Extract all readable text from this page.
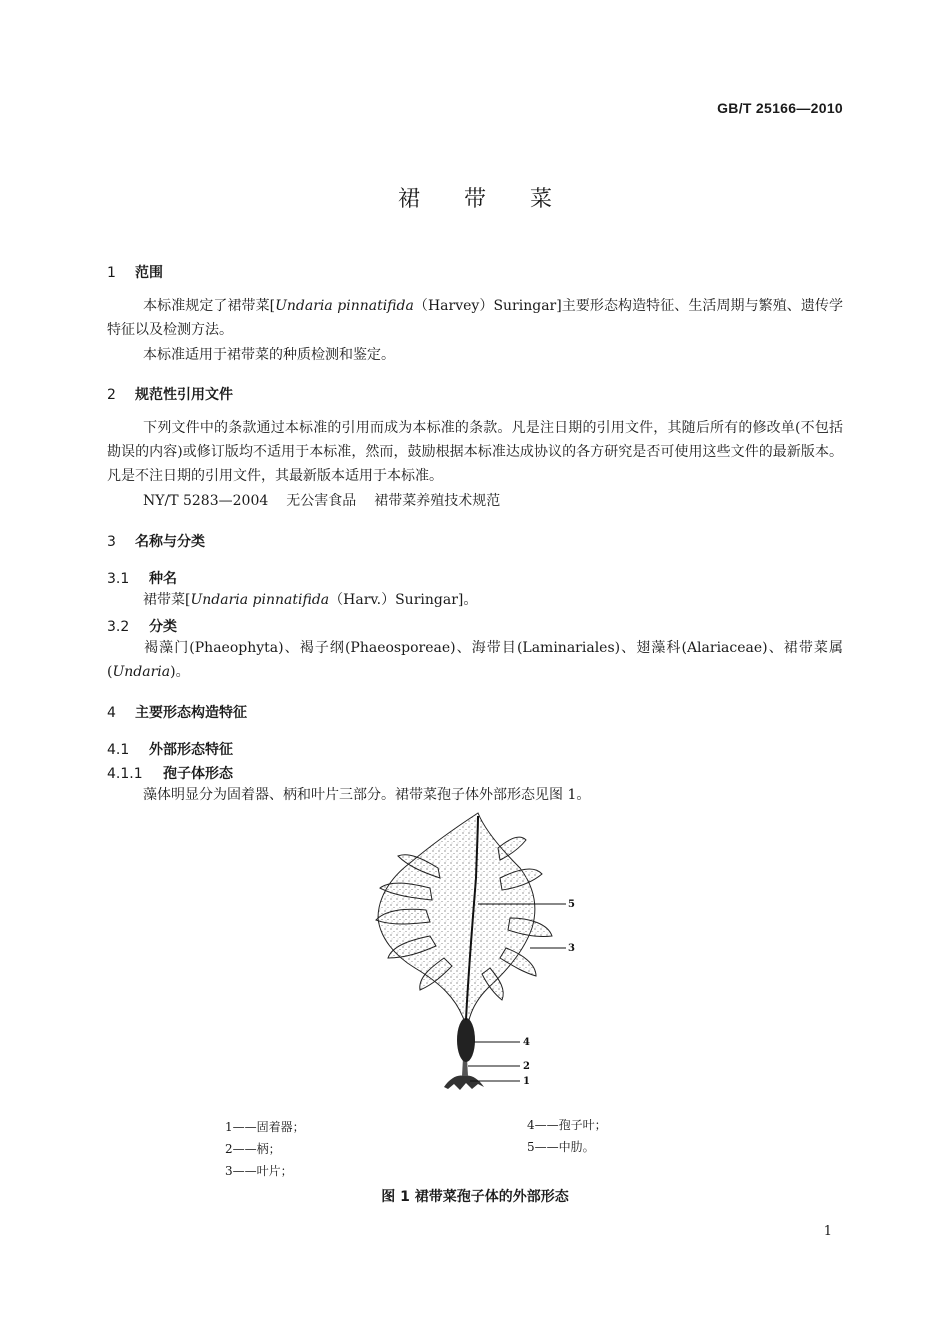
GB/T 25166—2010
裙带菜
1 范围
本标准规定了裙带菜[Undaria pinnatifida（Harvey）Suringar]主要形态构造特征、生活周期与繁殖、遗传学特征以及检测方法。
本标准适用于裙带菜的种质检测和鉴定。
2 规范性引用文件
下列文件中的条款通过本标准的引用而成为本标准的条款。凡是注日期的引用文件，其随后所有的修改单(不包括勘误的内容)或修订版均不适用于本标准，然而，鼓励根据本标准达成协议的各方研究是否可使用这些文件的最新版本。凡是不注日期的引用文件，其最新版本适用于本标准。
NY/T 5283—2004 无公害食品 裙带菜养殖技术规范
3 名称与分类
3.1 种名
裙带菜[Undaria pinnatifida（Harv.）Suringar]。
3.2 分类
褐藻门(Phaeophyta)、褐子纲(Phaeosporeae)、海带目(Laminariales)、翅藻科(Alariaceae)、裙带菜属(Undaria)。
4 主要形态构造特征
4.1 外部形态特征
4.1.1 孢子体形态
藻体明显分为固着器、柄和叶片三部分。裙带菜孢子体外部形态见图 1。
5
3
4
2
1
1——固着器；
2——柄；
3——叶片；
4——孢子叶；
5——中肋。
图 1 裙带菜孢子体的外部形态
1
